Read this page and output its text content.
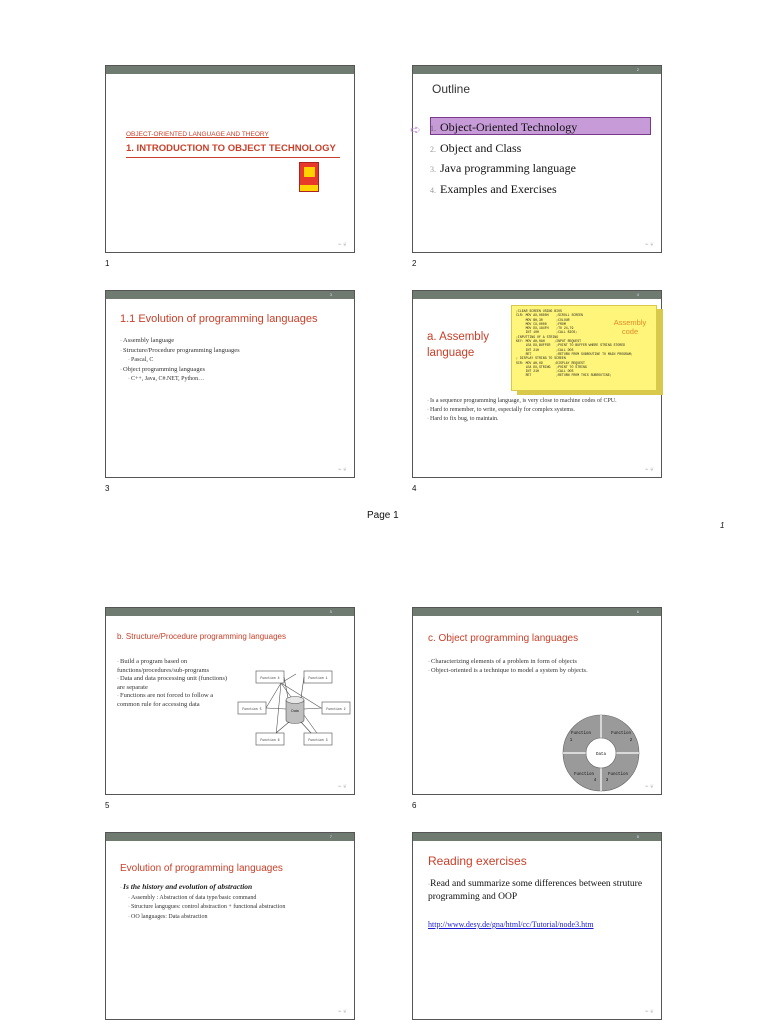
OBJECT-ORIENTED LANGUAGE AND THEORY
1. INTRODUCTION TO OBJECT TECHNOLOGY
❧❦
1
2
Outline
➪ 1. Object-Oriented Technology
2. Object and Class
3. Java programming language
4. Examples and Exercises
❧❦
2
3
1.1 Evolution of programming languages
◦ Assembly language
◦ Structure/Procedure programming languages
◦ Pascal, C
◦ Object programming languages
◦ C++, Java, C#.NET, Python…
❧❦
3
4
a. Assembly
language
;CLEAR SCREEN USING BIOS
CLR: MOV AX,0600H    ;SCROLL SCREEN
MOV BH,30       ;COLOUR
MOV CX,0000     ;FROM
MOV DX,184FH    ;TO 24,79
INT 10H         ;CALL BIOS;
;INPUTTING OF A STRING
KEY: MOV AH,0AH     ;INPUT REQUEST
LEA DX,BUFFER   ;POINT TO BUFFER WHERE STRING STORED
INT 21H         ;CALL DOS
RET             ;RETURN FROM SUBROUTINE TO MAIN PROGRAM;
; DISPLAY STRING TO SCREEN
SCR: MOV AH,09      ;DISPLAY REQUEST
LEA DX,STRING   ;POINT TO STRING
INT 21H         ;CALL DOS
RET             ;RETURN FROM THIS SUBROUTINE;
Assembly code
◦ Is a sequence programming language, is very close to machine codes of CPU.
◦ Hard to remember, to write, especially for complex systems.
◦ Hard to fix bug, to maintain.
❧❦
4
Page 1
1
5
b. Structure/Procedure programming languages
◦ Build a program based on functions/procedures/sub-programs
◦ Data and data processing unit (functions) are separate
◦ Functions are not forced to follow a common rule for accessing data
Function 4	Function 1
Function 5	Function 2
Function 6	Function 3
Data
❧❦
5
6
c. Object programming languages
◦ Characterizing elements of a problem in form of objects
◦ Object-oriented is a technique to model a system by objects.
Data
Function
1
Function
2
Function
4
Function
3
❧❦
6
7
Evolution of programming languages
◦ Is the history and evolution of abstraction
◦ Assembly : Abstraction of data type/basic command
◦ Structure langugues: control abstraction + functional abstraction
◦ OO languages: Data abstraction
❧❦
8
Reading exercises
◦Read and summarize some differences between struture programming and OOP
http://www.desy.de/gna/html/cc/Tutorial/node3.htm
❧❦
